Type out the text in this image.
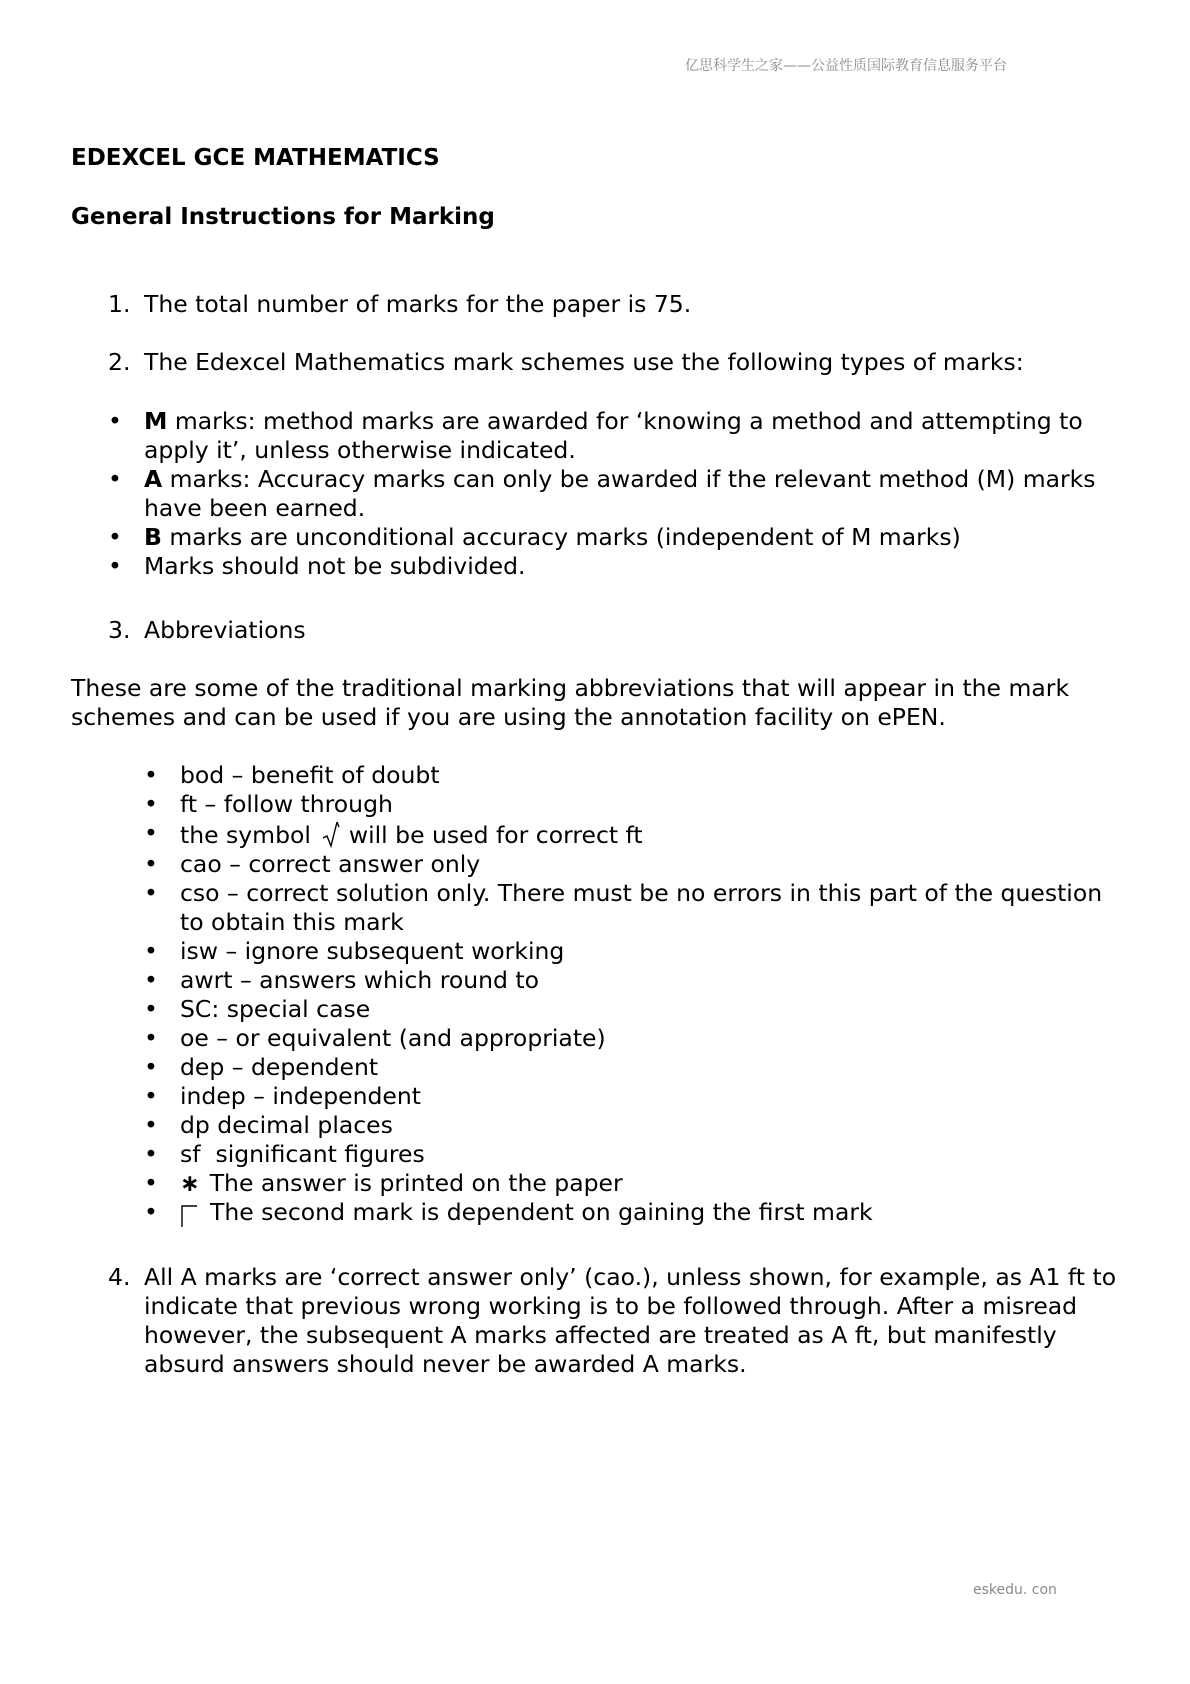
亿思科学生之家——公益性质国际教育信息服务平台
EDEXCEL GCE MATHEMATICS
General Instructions for Marking
1. The total number of marks for the paper is 75.
2. The Edexcel Mathematics mark schemes use the following types of marks:
• M marks: method marks are awarded for ‘knowing a method and attempting to apply it’, unless otherwise indicated.
• A marks: Accuracy marks can only be awarded if the relevant method (M) marks have been earned.
• B marks are unconditional accuracy marks (independent of M marks)
• Marks should not be subdivided.
3. Abbreviations
These are some of the traditional marking abbreviations that will appear in the mark schemes and can be used if you are using the annotation facility on ePEN.
• bod – benefit of doubt
• ft – follow through
• the symbol will be used for correct ft
• cao – correct answer only
• cso – correct solution only. There must be no errors in this part of the question to obtain this mark
• isw – ignore subsequent working
• awrt – answers which round to
• SC: special case
• oe – or equivalent (and appropriate)
• dep – dependent
• indep – independent
• dp decimal places
• sf  significant figures
• ∗ The answer is printed on the paper
• The second mark is dependent on gaining the first mark
4. All A marks are ‘correct answer only’ (cao.), unless shown, for example, as A1 ft to indicate that previous wrong working is to be followed through. After a misread however, the subsequent A marks affected are treated as A ft, but manifestly absurd answers should never be awarded A marks.
eskedu. con
